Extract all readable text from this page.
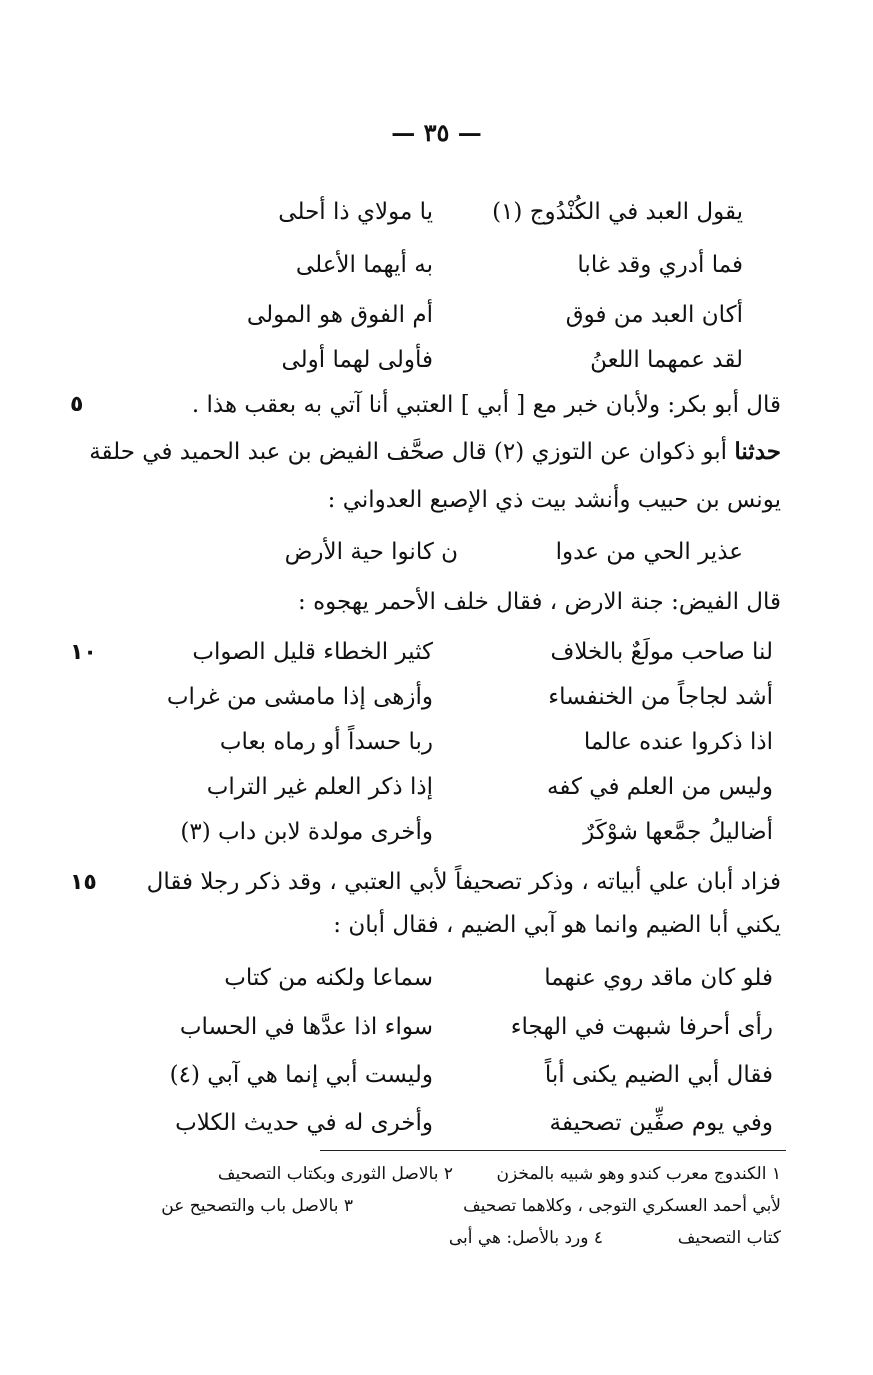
— ٣٥ —
يقول العبد في الكُنْدُوج (١)
يا مولاي ذا أحلى
فما أدري وقد غابا
به أيهما الأعلى
أكان العبد من فوق
أم الفوق هو المولى
لقد عمهما اللعنُ
فأولى لهما أولى
قال أبو بكر: ولأبان خبر مع [ أبي ] العتبي أنا آتي به بعقب هذا .
٥
حدثنا أبو ذكوان عن التوزي (٢) قال صحَّف الفيض بن عبد الحميد في حلقة
يونس بن حبيب وأنشد بيت ذي الإصبع العدواني :
عذير الحي من عدوا
ن كانوا حية الأرض
قال الفيض: جنة الارض ، فقال خلف الأحمر يهجوه :
لنا صاحب مولَعٌ بالخلاف
كثير الخطاء قليل الصواب
١٠
أشد لجاجاً من الخنفساء
وأزهى إذا مامشى من غراب
اذا ذكروا عنده عالما
ربا حسداً أو رماه بعاب
وليس من العلم في كفه
إذا ذكر العلم غير التراب
أضاليلُ جمَّعها شوْكَرٌ
وأخرى مولدة لابن داب (٣)
فزاد أبان علي أبياته ، وذكر تصحيفاً لأبي العتبي ، وقد ذكر رجلا فقال
١٥
يكني أبا الضيم وانما هو آبي الضيم ، فقال أبان :
فلو كان ماقد روي عنهما
سماعا ولكنه من كتاب
رأى أحرفا شبهت في الهجاء
سواء اذا عدَّها في الحساب
فقال أبي الضيم يكنى أباً
وليست أبي إنما هي آبي (٤)
وفي يوم صفِّين تصحيفة
وأخرى له في حديث الكلاب
١ الكندوج معرب كندو وهو شبيه بالمخزن
٢ بالاصل الثورى وبكتاب التصحيف
لأبي أحمد العسكري التوجى ، وكلاهما تصحيف
٣ بالاصل باب والتصحيح عن
كتاب التصحيف
٤ ورد بالأصل: هي أبى
